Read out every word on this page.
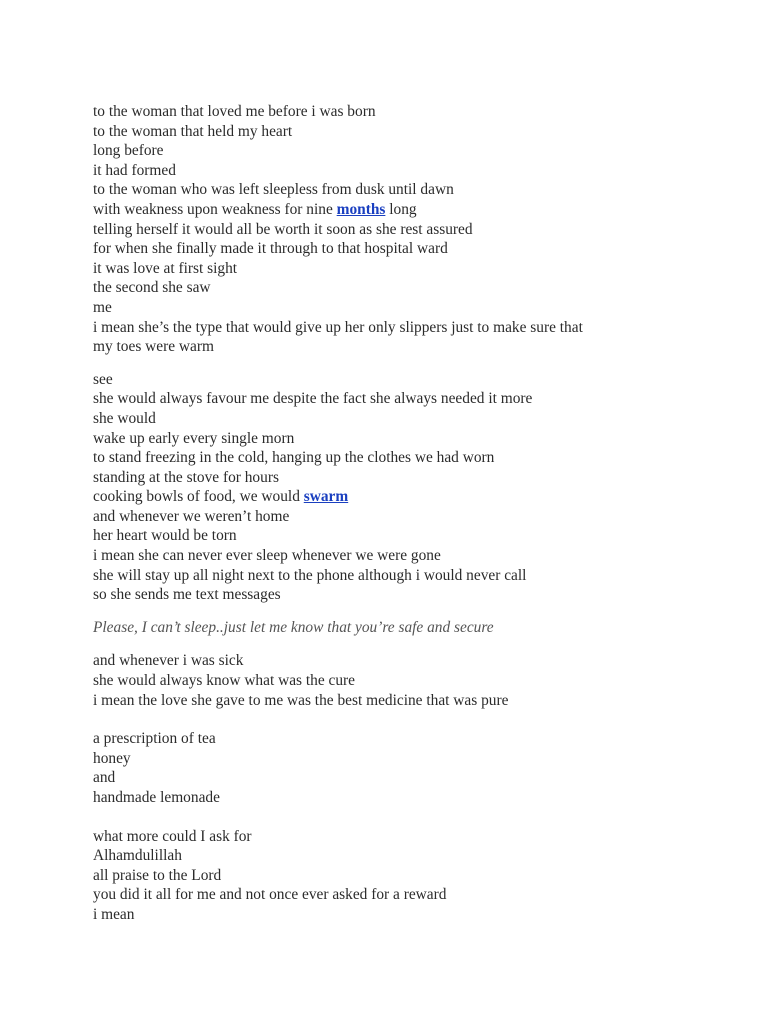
to the woman that loved me before i was born
to the woman that held my heart
long before
it had formed
to the woman who was left sleepless from dusk until dawn
with weakness upon weakness for nine months long
telling herself it would all be worth it soon as she rest assured
for when she finally made it through to that hospital ward
it was love at first sight
the second she saw
me
i mean she’s the type that would give up her only slippers just to make sure that
my toes were warm
see
she would always favour me despite the fact she always needed it more
she would
wake up early every single morn
to stand freezing in the cold, hanging up the clothes we had worn
standing at the stove for hours
cooking bowls of food, we would swarm
and whenever we weren’t home
her heart would be torn
i mean she can never ever sleep whenever we were gone
she will stay up all night next to the phone although i would never call
so she sends me text messages
Please, I can’t sleep..just let me know that you’re safe and secure
and whenever i was sick
she would always know what was the cure
i mean the love she gave to me was the best medicine that was pure
a prescription of tea
honey
and
handmade lemonade
what more could I ask for
Alhamdulillah
all praise to the Lord
you did it all for me and not once ever asked for a reward
i mean
